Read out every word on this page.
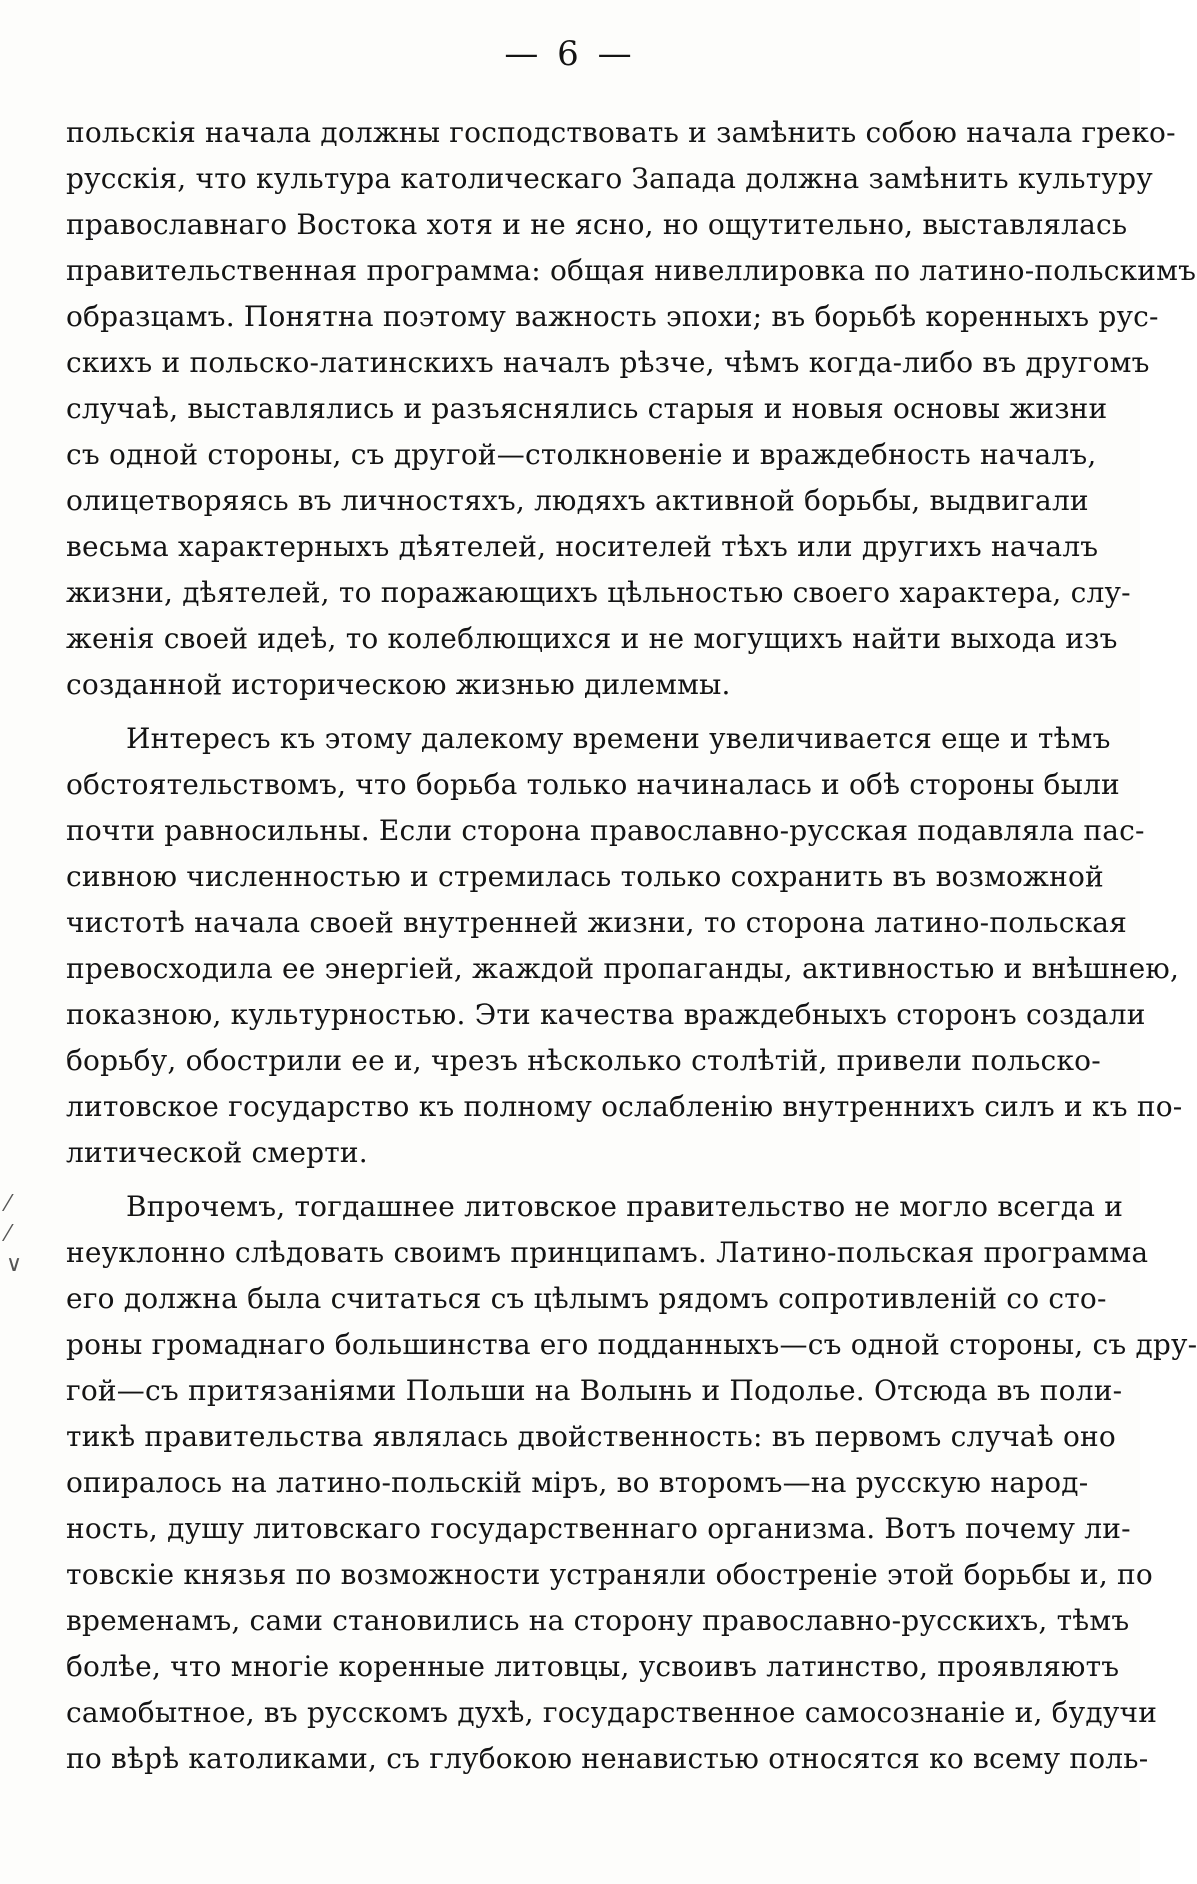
— 6 —
⁄
⁄
∨
польскія начала должны господствовать и замѣнить собою начала греко-
русскія, что культура католическаго Запада должна замѣнить культуру
православнаго Востока хотя и не ясно, но ощутительно, выставлялась
правительственная программа: общая нивеллировка по латино-польскимъ
образцамъ. Понятна поэтому важность эпохи; въ борьбѣ коренныхъ рус-
скихъ и польско-латинскихъ началъ рѣзче, чѣмъ когда-либо въ другомъ
случаѣ, выставлялись и разъяснялись старыя и новыя основы жизни
съ одной стороны, съ другой—столкновеніе и враждебность началъ,
олицетворяясь въ личностяхъ, людяхъ активной борьбы, выдвигали
весьма характерныхъ дѣятелей, носителей тѣхъ или другихъ началъ
жизни, дѣятелей, то поражающихъ цѣльностью своего характера, слу-
женія своей идеѣ, то колеблющихся и не могущихъ найти выхода изъ
созданной историческою жизнью дилеммы.
Интересъ къ этому далекому времени увеличивается еще и тѣмъ
обстоятельствомъ, что борьба только начиналась и обѣ стороны были
почти равносильны. Если сторона православно-русская подавляла пас-
сивною численностью и стремилась только сохранить въ возможной
чистотѣ начала своей внутренней жизни, то сторона латино-польская
превосходила ее энергіей, жаждой пропаганды, активностью и внѣшнею,
показною, культурностью. Эти качества враждебныхъ сторонъ создали
борьбу, обострили ее и, чрезъ нѣсколько столѣтій, привели польско-
литовское государство къ полному ослабленію внутреннихъ силъ и къ по-
литической смерти.
Впрочемъ, тогдашнее литовское правительство не могло всегда и
неуклонно слѣдовать своимъ принципамъ. Латино-польская программа
его должна была считаться съ цѣлымъ рядомъ сопротивленій со сто-
роны громаднаго большинства его подданныхъ—съ одной стороны, съ дру-
гой—съ притязаніями Польши на Волынь и Подолье. Отсюда въ поли-
тикѣ правительства являлась двойственность: въ первомъ случаѣ оно
опиралось на латино-польскій міръ, во второмъ—на русскую народ-
ность, душу литовскаго государственнаго организма. Вотъ почему ли-
товскіе князья по возможности устраняли обостреніе этой борьбы и, по
временамъ, сами становились на сторону православно-русскихъ, тѣмъ
болѣе, что многіе коренные литовцы, усвоивъ латинство, проявляютъ
самобытное, въ русскомъ духѣ, государственное самосознаніе и, будучи
по вѣрѣ католиками, съ глубокою ненавистью относятся ко всему поль-
